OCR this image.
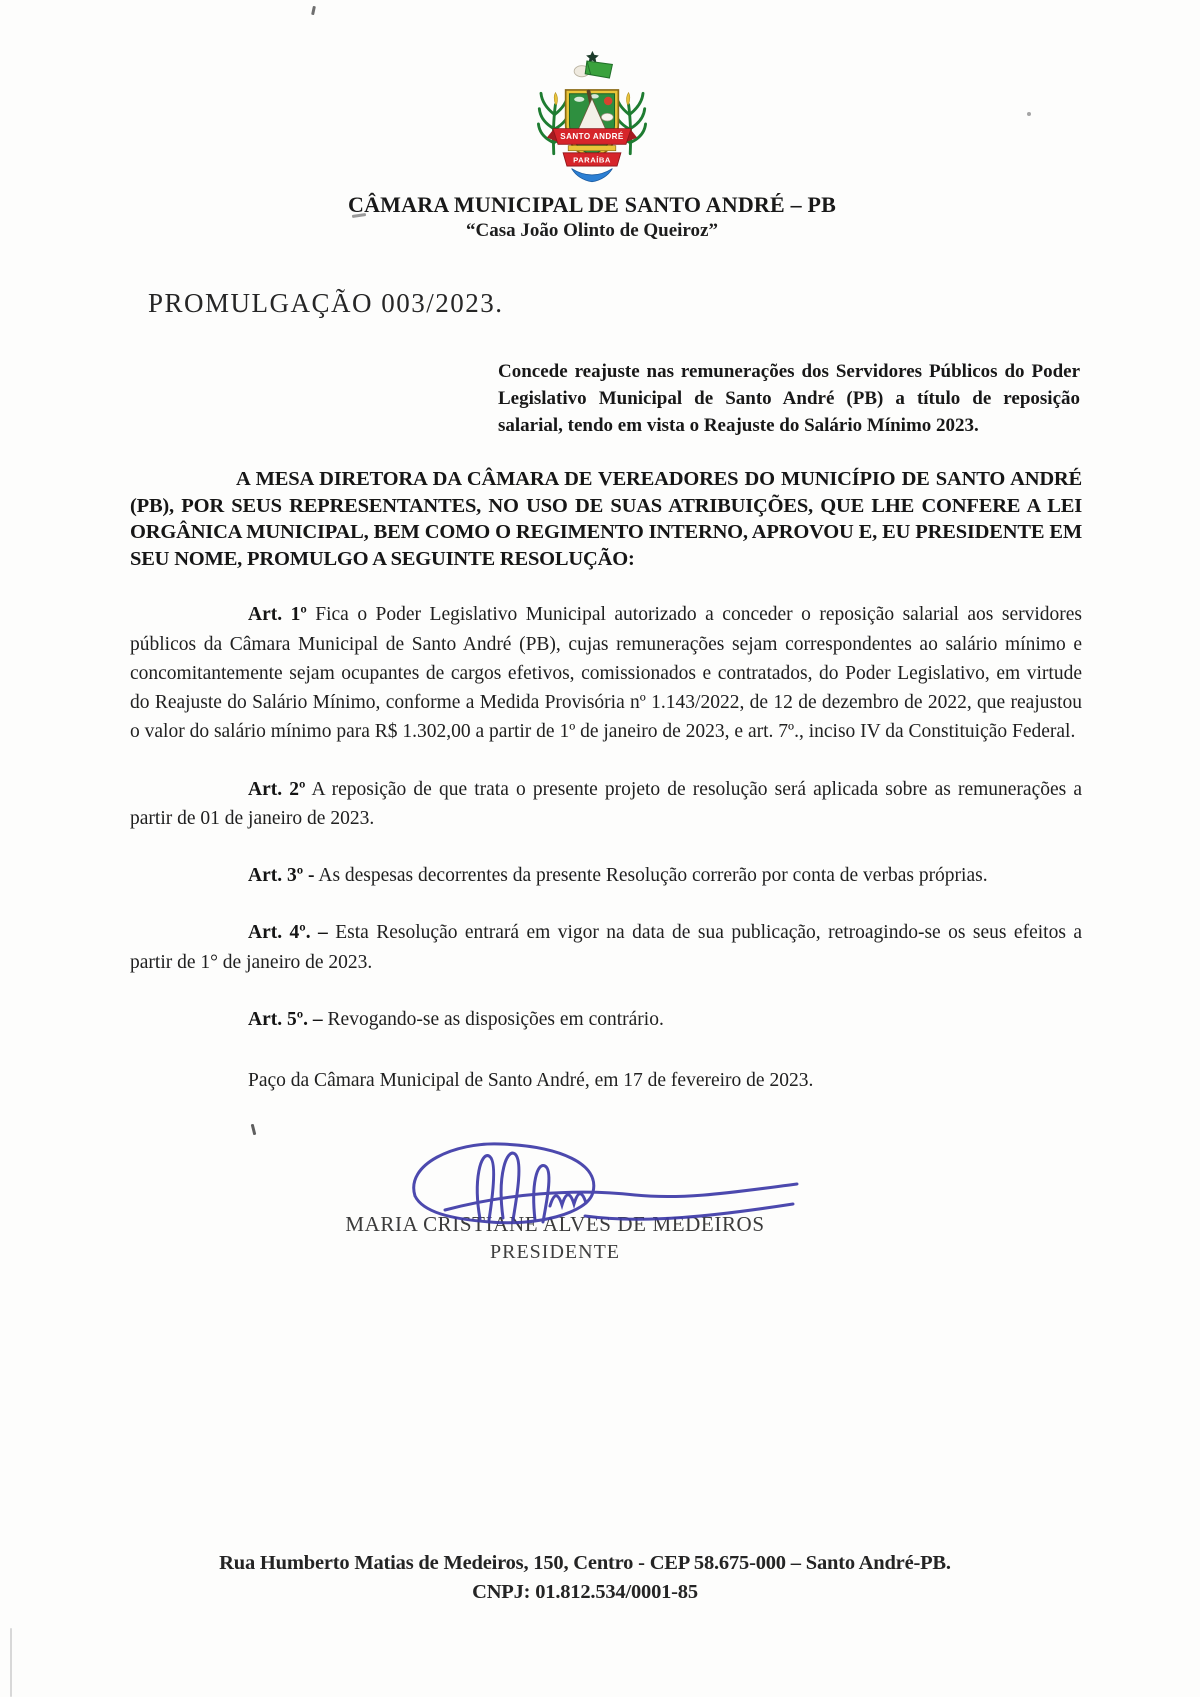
SANTO ANDRÉ
PARAÍBA
CÂMARA MUNICIPAL DE SANTO ANDRÉ – PB
“Casa João Olinto de Queiroz”

PROMULGAÇÃO 003/2023.

Concede reajuste nas remunerações dos Servidores Públicos do Poder Legislativo Municipal de Santo André (PB) a título de reposição salarial, tendo em vista o Reajuste do Salário Mínimo 2023.

A MESA DIRETORA DA CÂMARA DE VEREADORES DO MUNICÍPIO DE SANTO ANDRÉ (PB), POR SEUS REPRESENTANTES, NO USO DE SUAS ATRIBUIÇÕES, QUE LHE CONFERE A LEI ORGÂNICA MUNICIPAL, BEM COMO O REGIMENTO INTERNO, APROVOU E, EU PRESIDENTE EM SEU NOME, PROMULGO A SEGUINTE RESOLUÇÃO:

Art. 1º Fica o Poder Legislativo Municipal autorizado a conceder o reposição salarial aos servidores públicos da Câmara Municipal de Santo André (PB), cujas remunerações sejam correspondentes ao salário mínimo e concomitantemente sejam ocupantes de cargos efetivos, comissionados e contratados, do Poder Legislativo, em virtude do Reajuste do Salário Mínimo, conforme a Medida Provisória nº 1.143/2022, de 12 de dezembro de 2022, que reajustou o valor do salário mínimo para R$ 1.302,00 a partir de 1º de janeiro de 2023, e art. 7º., inciso IV da Constituição Federal.

Art. 2º A reposição de que trata o presente projeto de resolução será aplicada sobre as remunerações a partir de 01 de janeiro de 2023.

Art. 3º - As despesas decorrentes da presente Resolução correrão por conta de verbas próprias.

Art. 4º. – Esta Resolução entrará em vigor na data de sua publicação, retroagindo-se os seus efeitos a partir de 1° de janeiro de 2023.

Art. 5º. – Revogando-se as disposições em contrário.

Paço da Câmara Municipal de Santo André, em 17 de fevereiro de 2023.

MARIA CRISTIANE ALVES DE MEDEIROS

PRESIDENTE

Rua Humberto Matias de Medeiros, 150, Centro - CEP 58.675-000 – Santo André-PB.

CNPJ: 01.812.534/0001-85
